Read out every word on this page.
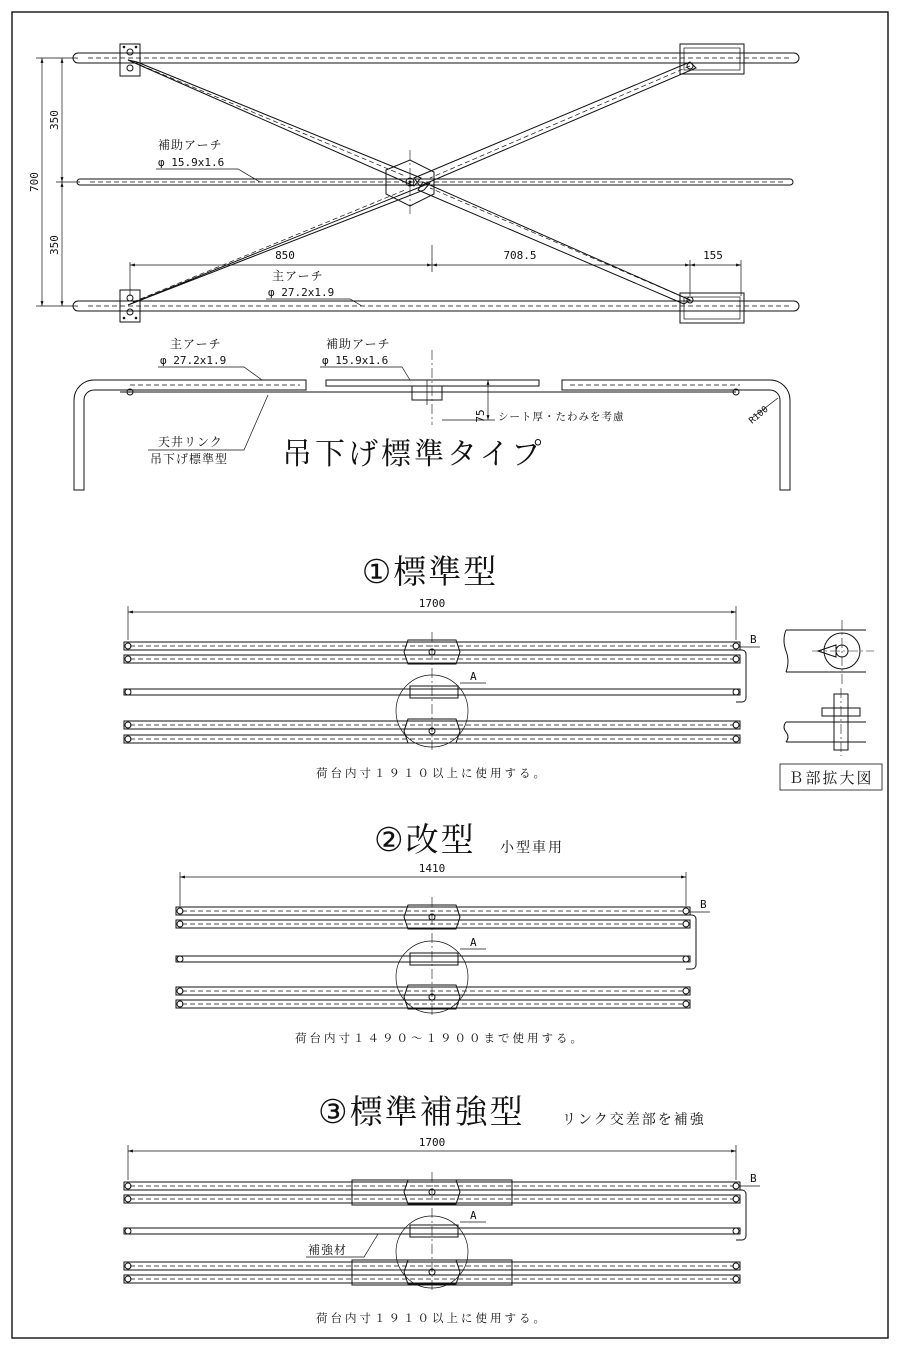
700
350
350
850	708.5	155
補助アーチ
φ 15.9x1.6
主アーチ
φ 27.2x1.9
75 シート厚・たわみを考慮	R100
主アーチ
φ 27.2x1.9
補助アーチ
φ 15.9x1.6
天井リンク
吊下げ標準型 吊下げ標準タイプ
①標準型
1700
A
B
荷台内寸１９１０以上に使用する。	Ｂ部拡大図
②改型 小型車用
1410
A
B
荷台内寸１４９０～１９００まで使用する。
③標準補強型	リンク交差部を補強
1700
A
B
補強材
荷台内寸１９１０以上に使用する。
